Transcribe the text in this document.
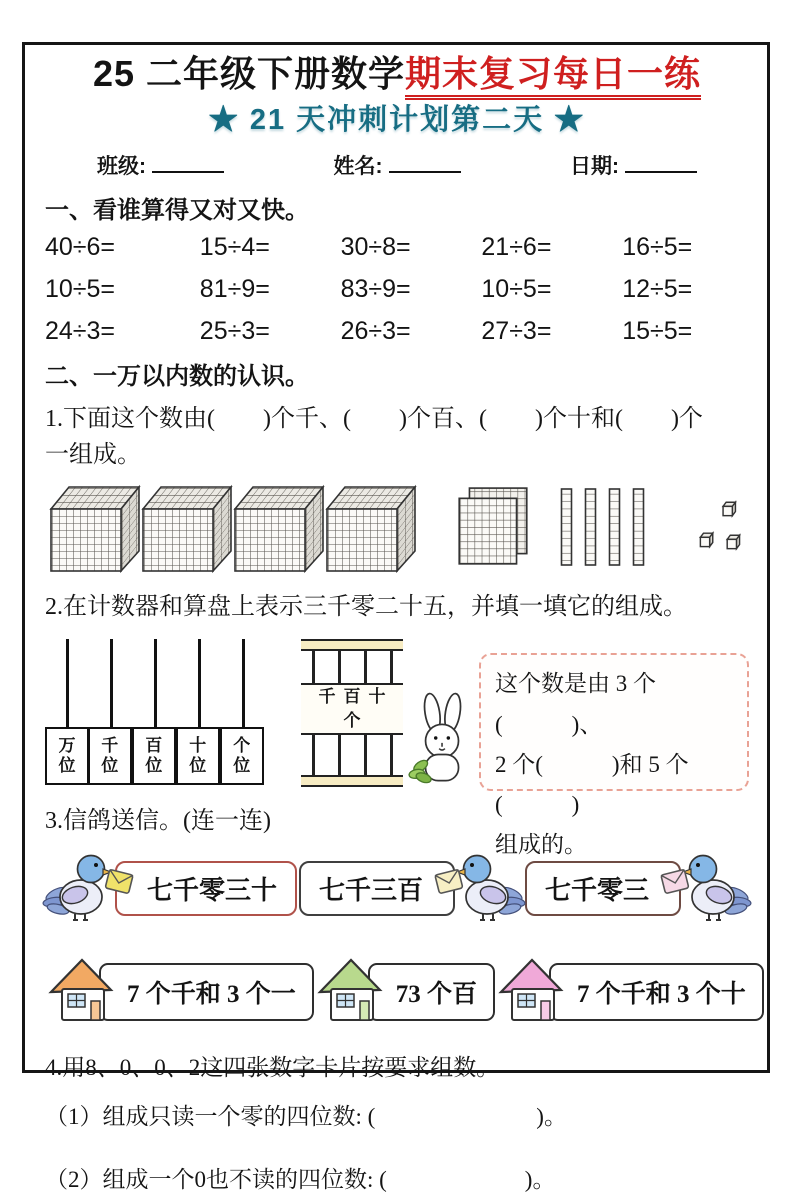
25 二年级下册数学期末复习每日一练
★ 21 天冲刺计划第二天 ★
班级:	姓名:	日期:
一、看谁算得又对又快。
40÷6=	15÷4=	30÷8=	21÷6=	16÷5=
10÷5=	81÷9=	83÷9=	10÷5=	12÷5=
24÷3=	25÷3=	26÷3=	27÷3=	15÷5=
二、一万以内数的认识。
1.下面这个数由(　　)个千、(　　)个百、(　　)个十和(　　)个
一组成。
2.在计数器和算盘上表示三千零二十五，并填一填它的组成。
万位
千位
百位
十位
个位
千百十个
这个数是由 3 个(　　　)、
2 个(　　　)和 5 个(　　　)
组成的。
3.信鸽送信。(连一连)
七千零三十	七千三百	七千零三
7 个千和 3 个一	73 个百	7 个千和 3 个十
4.用8、0、0、2这四张数字卡片按要求组数。
（1）组成只读一个零的四位数: (　　　　　　　)。
（2）组成一个0也不读的四位数: (　　　　　　)。
